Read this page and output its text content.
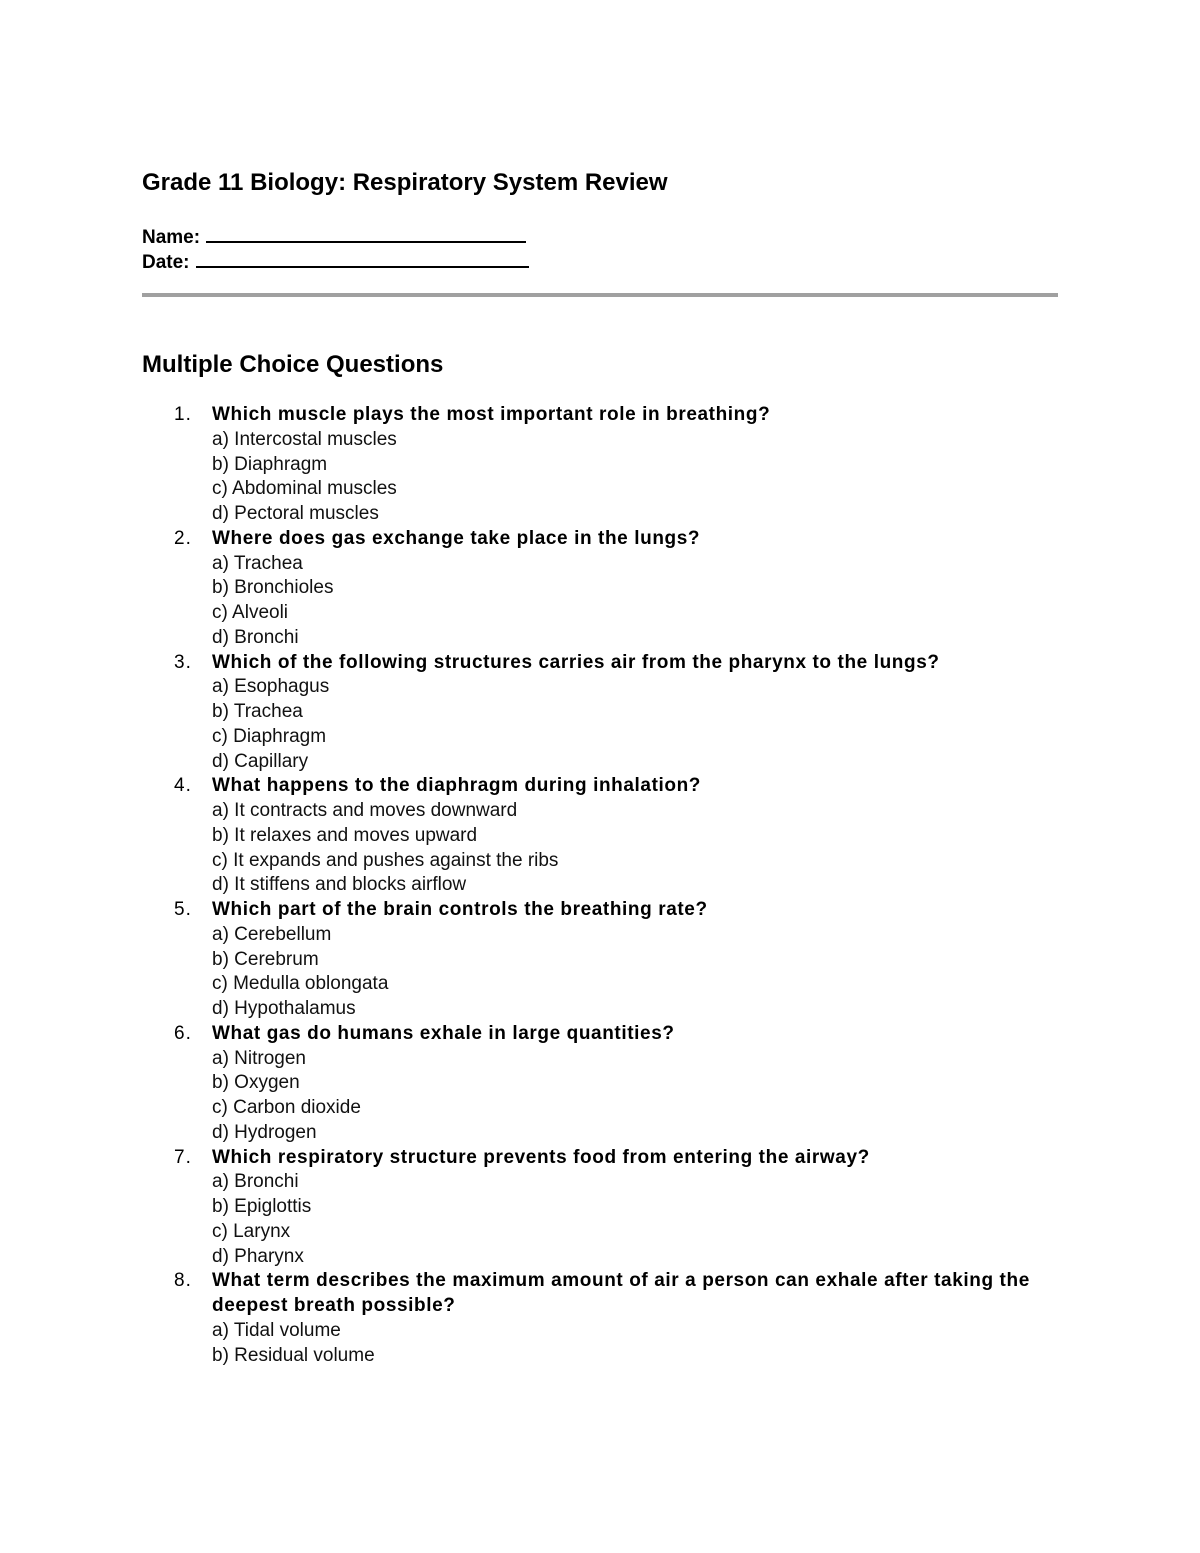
Grade 11 Biology: Respiratory System Review
Name:
Date:
Multiple Choice Questions
1. Which muscle plays the most important role in breathing?
a) Intercostal muscles
b) Diaphragm
c) Abdominal muscles
d) Pectoral muscles
2. Where does gas exchange take place in the lungs?
a) Trachea
b) Bronchioles
c) Alveoli
d) Bronchi
3. Which of the following structures carries air from the pharynx to the lungs?
a) Esophagus
b) Trachea
c) Diaphragm
d) Capillary
4. What happens to the diaphragm during inhalation?
a) It contracts and moves downward
b) It relaxes and moves upward
c) It expands and pushes against the ribs
d) It stiffens and blocks airflow
5. Which part of the brain controls the breathing rate?
a) Cerebellum
b) Cerebrum
c) Medulla oblongata
d) Hypothalamus
6. What gas do humans exhale in large quantities?
a) Nitrogen
b) Oxygen
c) Carbon dioxide
d) Hydrogen
7. Which respiratory structure prevents food from entering the airway?
a) Bronchi
b) Epiglottis
c) Larynx
d) Pharynx
8. What term describes the maximum amount of air a person can exhale after taking the deepest breath possible?
a) Tidal volume
b) Residual volume
